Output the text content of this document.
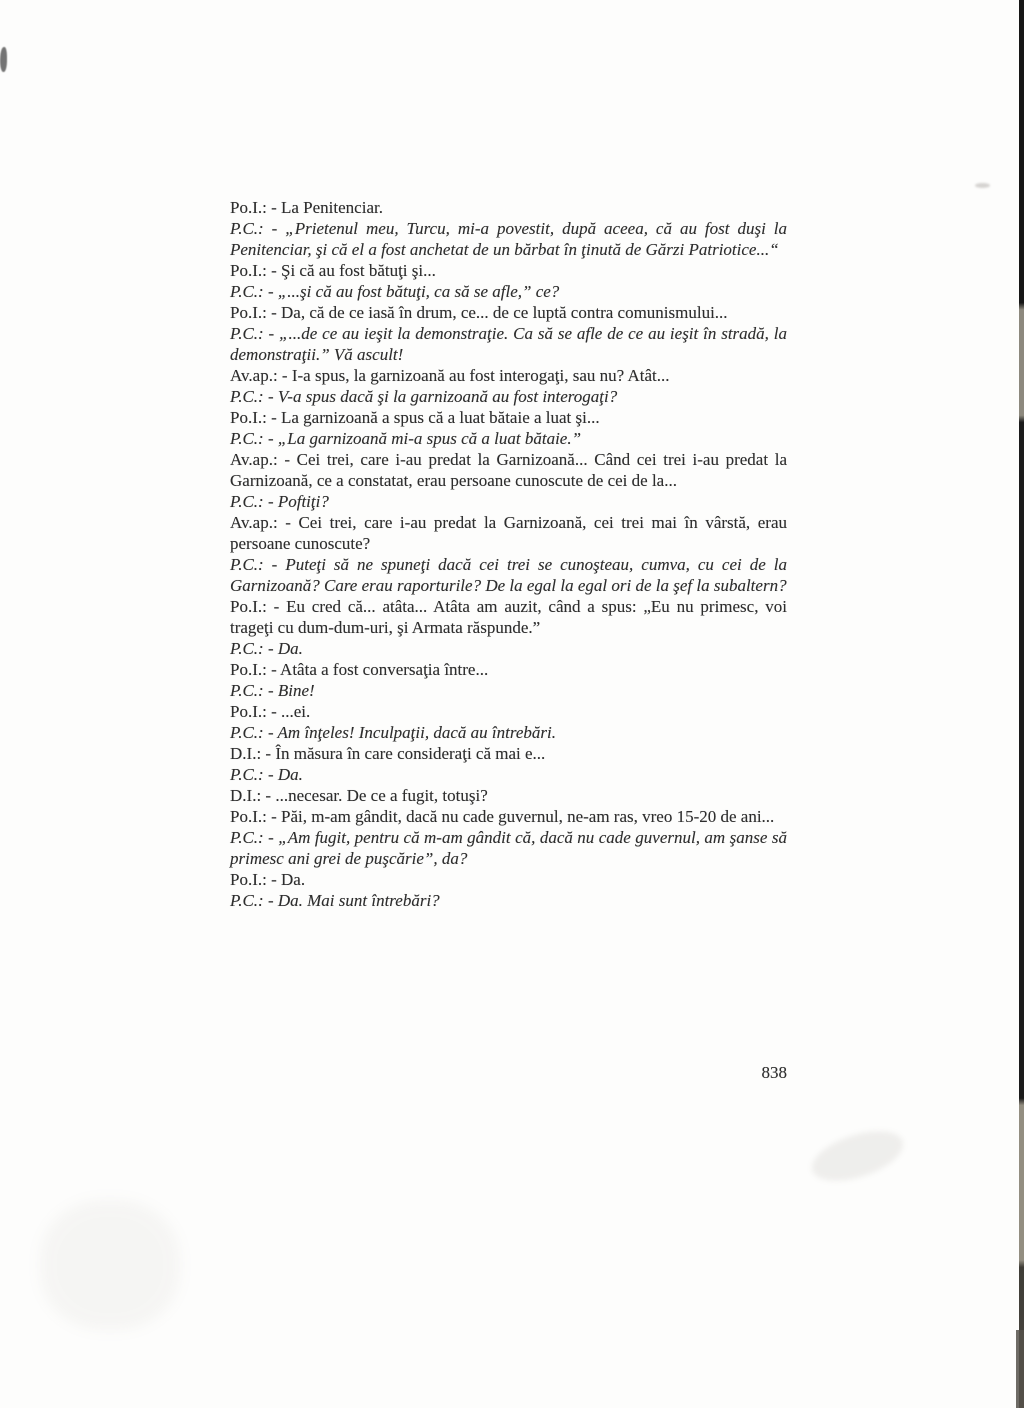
Po.I.: - La Penitenciar.

P.C.: - „Prietenul meu, Turcu, mi-a povestit, după aceea, că au fost duşi la Penitenciar, şi că el a fost anchetat de un bărbat în ţinută de Gărzi Patriotice...“

Po.I.: - Şi că au fost bătuţi şi...

P.C.: - „...şi că au fost bătuţi, ca să se afle,” ce?

Po.I.: - Da, că de ce iasă în drum, ce... de ce luptă contra comunismului...

P.C.: - „...de ce au ieşit la demonstraţie. Ca să se afle de ce au ieşit în stradă, la demonstraţii.” Vă ascult!

Av.ap.: - I-a spus, la garnizoană au fost interogaţi, sau nu? Atât...

P.C.: - V-a spus dacă şi la garnizoană au fost interogaţi?

Po.I.: - La garnizoană a spus că a luat bătaie a luat şi...

P.C.: - „La garnizoană mi-a spus că a luat bătaie.”

Av.ap.: - Cei trei, care i-au predat la Garnizoană... Când cei trei i-au predat la Garnizoană, ce a constatat, erau persoane cunoscute de cei de la...

P.C.: - Poftiţi?

Av.ap.: - Cei trei, care i-au predat la Garnizoană, cei trei mai în vârstă, erau persoane cunoscute?

P.C.: - Puteţi să ne spuneţi dacă cei trei se cunoşteau, cumva, cu cei de la Garnizoană? Care erau raporturile? De la egal la egal ori de la şef la subaltern?

Po.I.: - Eu cred că... atâta... Atâta am auzit, când a spus: „Eu nu primesc, voi trageţi cu dum-dum-uri, şi Armata răspunde.”

P.C.: - Da.

Po.I.: - Atâta a fost conversaţia între...

P.C.: - Bine!

Po.I.: - ...ei.

P.C.: - Am înţeles! Inculpaţii, dacă au întrebări.

D.I.: - În măsura în care consideraţi că mai e...

P.C.: - Da.

D.I.: - ...necesar. De ce a fugit, totuşi?

Po.I.: - Păi, m-am gândit, dacă nu cade guvernul, ne-am ras, vreo 15-20 de ani...

P.C.: - „Am fugit, pentru că m-am gândit că, dacă nu cade guvernul, am şanse să primesc ani grei de puşcărie”, da?

Po.I.: - Da.

P.C.: - Da. Mai sunt întrebări?

838
